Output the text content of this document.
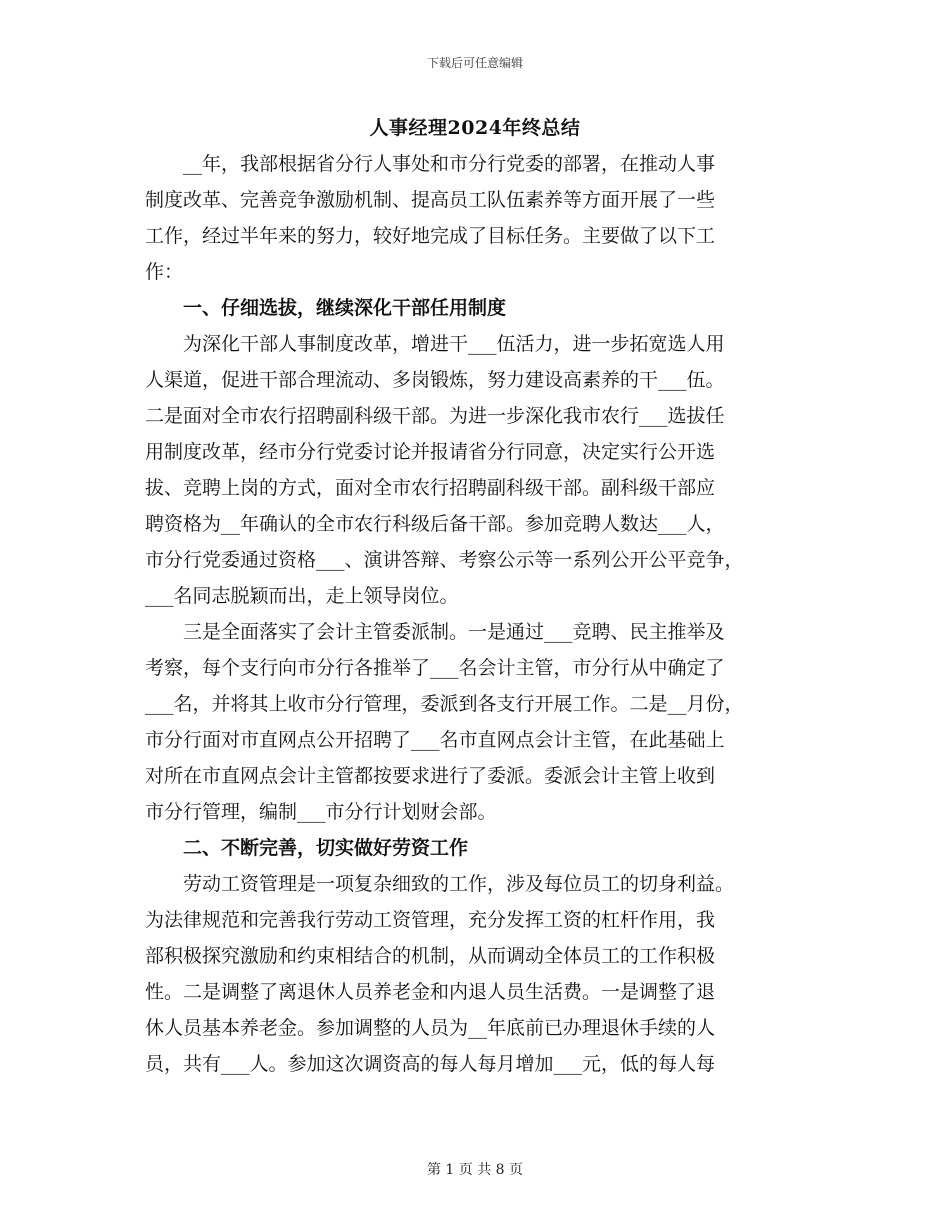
下载后可任意编辑
人事经理2024年终总结
　　__年，我部根据省分行人事处和市分行党委的部署，在推动人事
制度改革、完善竞争激励机制、提高员工队伍素养等方面开展了一些
工作，经过半年来的努力，较好地完成了目标任务。主要做了以下工
作：
一、仔细选拔，继续深化干部任用制度
　　为深化干部人事制度改革，增进干___伍活力，进一步拓宽选人用
人渠道，促进干部合理流动、多岗锻炼，努力建设高素养的干___伍。
二是面对全市农行招聘副科级干部。为进一步深化我市农行___选拔任
用制度改革，经市分行党委讨论并报请省分行同意，决定实行公开选
拔、竞聘上岗的方式，面对全市农行招聘副科级干部。副科级干部应
聘资格为__年确认的全市农行科级后备干部。参加竞聘人数达___人，
市分行党委通过资格___、演讲答辩、考察公示等一系列公开公平竞争，
___名同志脱颖而出，走上领导岗位。
　　三是全面落实了会计主管委派制。一是通过___竞聘、民主推举及
考察，每个支行向市分行各推举了___名会计主管，市分行从中确定了
___名，并将其上收市分行管理，委派到各支行开展工作。二是__月份，
市分行面对市直网点公开招聘了___名市直网点会计主管，在此基础上
对所在市直网点会计主管都按要求进行了委派。委派会计主管上收到
市分行管理，编制___市分行计划财会部。
二、不断完善，切实做好劳资工作
　　劳动工资管理是一项复杂细致的工作，涉及每位员工的切身利益。
为法律规范和完善我行劳动工资管理，充分发挥工资的杠杆作用，我
部积极探究激励和约束相结合的机制，从而调动全体员工的工作积极
性。二是调整了离退休人员养老金和内退人员生活费。一是调整了退
休人员基本养老金。参加调整的人员为__年底前已办理退休手续的人
员，共有___人。参加这次调资高的每人每月增加___元，低的每人每
第 1 页 共 8 页
